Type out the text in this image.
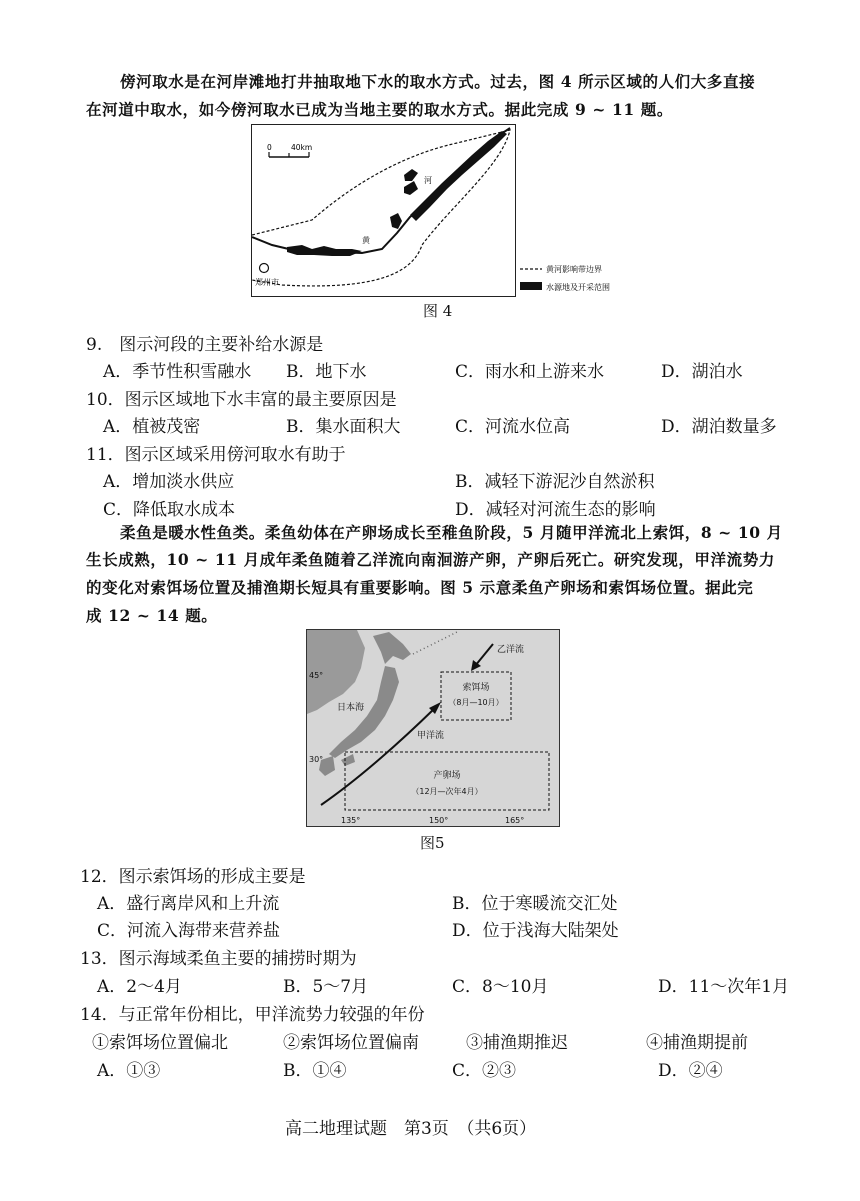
傍河取水是在河岸滩地打井抽取地下水的取水方式。过去，图 4 所示区域的人们大多直接
在河道中取水，如今傍河取水已成为当地主要的取水方式。据此完成 9 ~ 11 题。
0	40km
河
黄
郑州市
黄河影响带边界
水源地及开采范围
图 4
9.　图示河段的主要补给水源是
A．季节性积雪融水 B．地下水	C．雨水和上游来水	D．湖泊水
10．图示区域地下水丰富的最主要原因是
A．植被茂密	B．集水面积大	C．河流水位高	D．湖泊数量多
11．图示区域采用傍河取水有助于
A．增加淡水供应	B．减轻下游泥沙自然淤积
C．降低取水成本	D．减轻对河流生态的影响
柔鱼是暖水性鱼类。柔鱼幼体在产卵场成长至稚鱼阶段，5 月随甲洋流北上索饵，8 ~ 10 月
生长成熟，10 ~ 11 月成年柔鱼随着乙洋流向南洄游产卵，产卵后死亡。研究发现，甲洋流势力
的变化对索饵场位置及捕渔期长短具有重要影响。图 5 示意柔鱼产卵场和索饵场位置。据此完
成 12 ~ 14 题。
日本海
乙洋流
甲洋流
索饵场
（8月—10月）
产卵场
（12月—次年4月）
45°
30°
135°	150°	165°
图5
12．图示索饵场的形成主要是
A．盛行离岸风和上升流	B．位于寒暖流交汇处
C．河流入海带来营养盐	D．位于浅海大陆架处
13．图示海域柔鱼主要的捕捞时期为
A．2～4月	B．5～7月	C．8～10月	D．11～次年1月
14．与正常年份相比，甲洋流势力较强的年份
①索饵场位置偏北	②索饵场位置偏南	③捕渔期推迟	④捕渔期提前
A．①③	B．①④	C．②③	D．②④
高二地理试题　第3页　（共6页）
